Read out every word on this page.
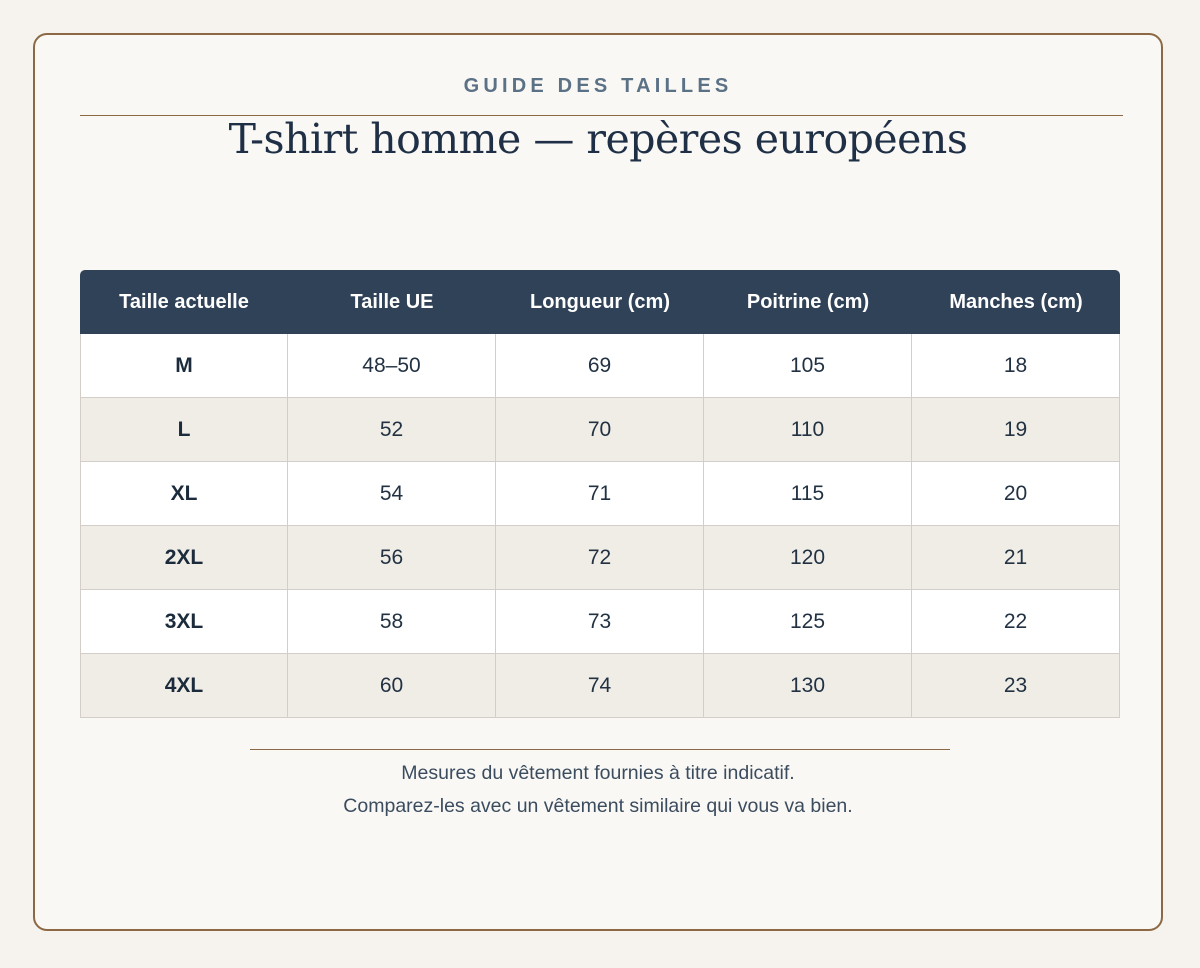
GUIDE DES TAILLES
T-shirt homme — repères européens
Taille actuelle	Taille UE	Longueur (cm)	Poitrine (cm)	Manches (cm)
M	48–50	69	105	18
L	52	70	110	19
XL	54	71	115	20
2XL	56	72	120	21
3XL	58	73	125	22
4XL	60	74	130	23
Mesures du vêtement fournies à titre indicatif.
Comparez-les avec un vêtement similaire qui vous va bien.
